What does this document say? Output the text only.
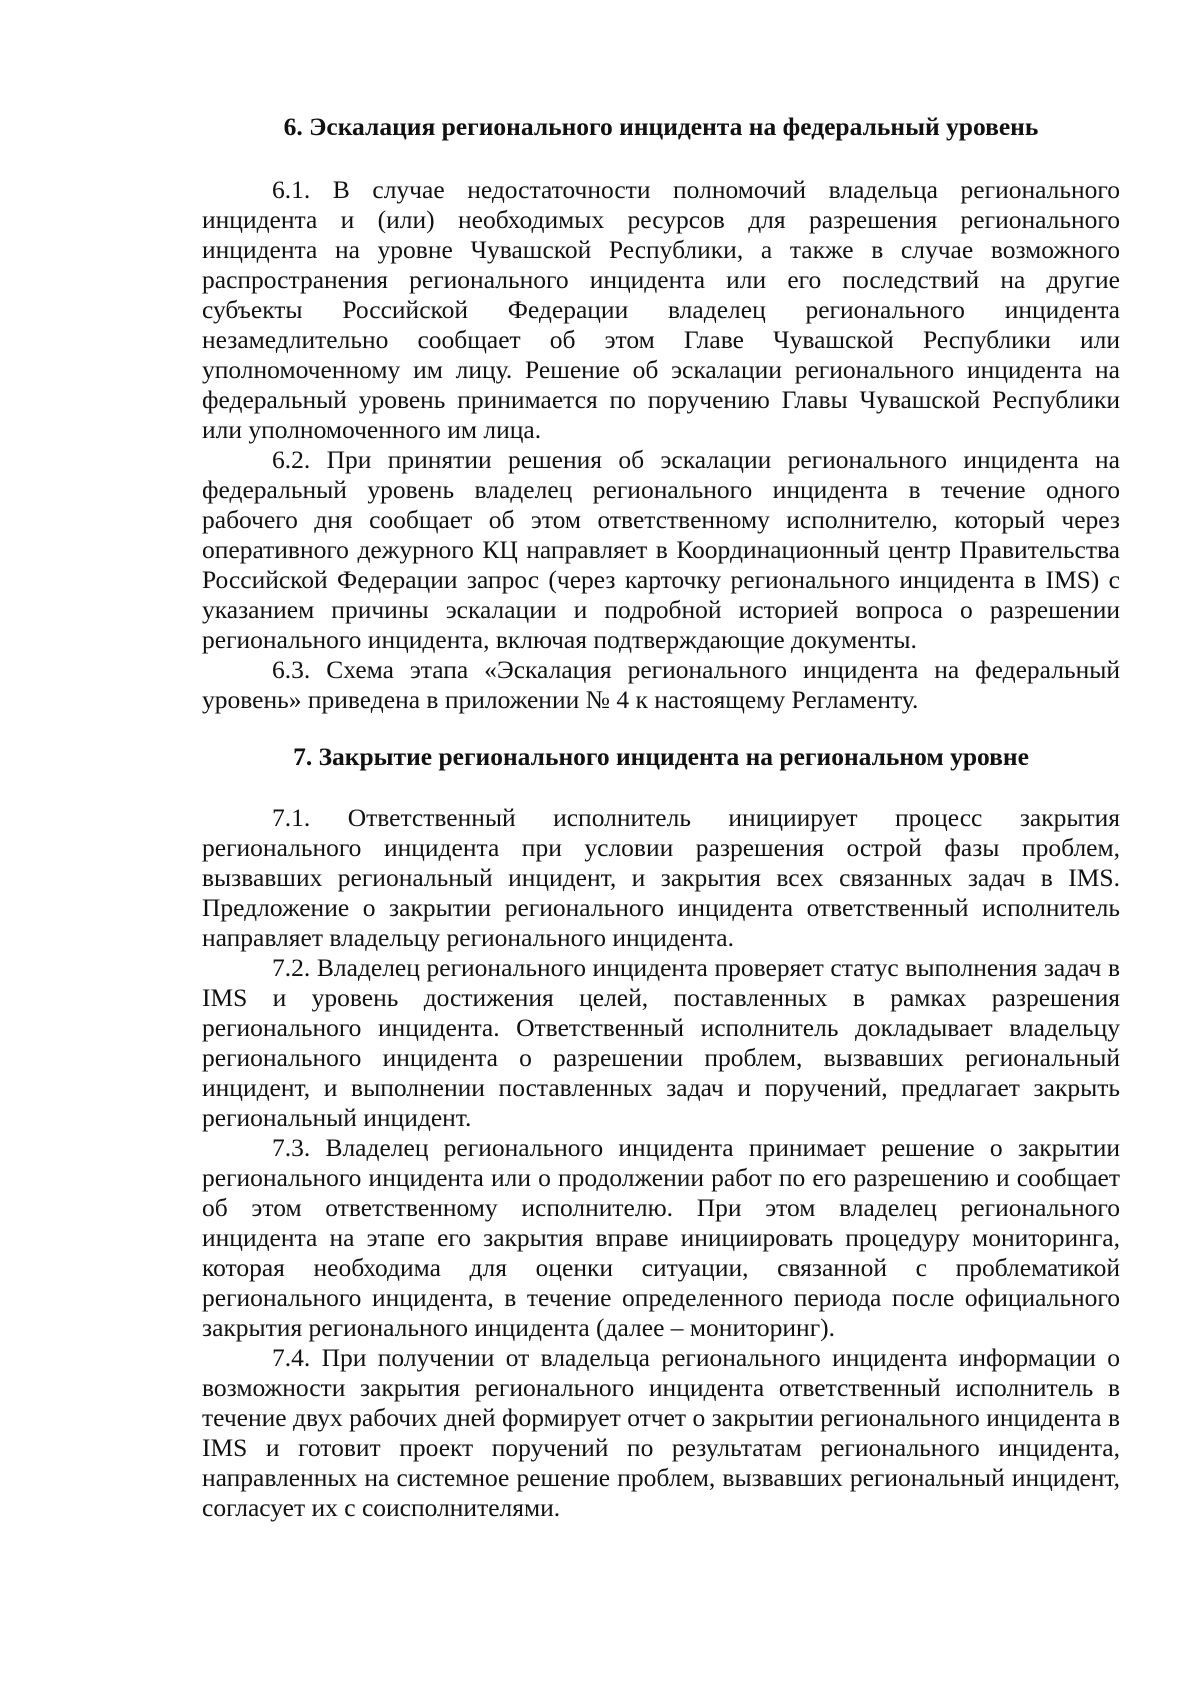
6. Эскалация регионального инцидента на федеральный уровень

6.1. В случае недостаточности полномочий владельца регионального инцидента и (или) необходимых ресурсов для разрешения регионального инцидента на уровне Чувашской Республики, а также в случае возможного распространения регионального инцидента или его последствий на другие субъекты Российской Федерации владелец регионального инцидента незамедлительно сообщает об этом Главе Чувашской Республики или уполномоченному им лицу. Решение об эскалации регионального инцидента на федеральный уровень принимается по поручению Главы Чувашской Республики или уполномоченного им лица.

6.2. При принятии решения об эскалации регионального инцидента на федеральный уровень владелец регионального инцидента в течение одного рабочего дня сообщает об этом ответственному исполнителю, который через оперативного дежурного КЦ направляет в Координационный центр Правительства Российской Федерации запрос (через карточку регионального инцидента в IMS) с указанием причины эскалации и подробной историей вопроса о разрешении регионального инцидента, включая подтверждающие документы.

6.3. Схема этапа «Эскалация регионального инцидента на федеральный уровень» приведена в приложении № 4 к настоящему Регламенту.

7. Закрытие регионального инцидента на региональном уровне

7.1. Ответственный исполнитель инициирует процесс закрытия регионального инцидента при условии разрешения острой фазы проблем, вызвавших региональный инцидент, и закрытия всех связанных задач в IMS. Предложение о закрытии регионального инцидента ответственный исполнитель направляет владельцу регионального инцидента.

7.2. Владелец регионального инцидента проверяет статус выполнения задач в IMS и уровень достижения целей, поставленных в рамках разрешения регионального инцидента. Ответственный исполнитель докладывает владельцу регионального инцидента о разрешении проблем, вызвавших региональный инцидент, и выполнении поставленных задач и поручений, предлагает закрыть региональный инцидент.

7.3. Владелец регионального инцидента принимает решение о закрытии регионального инцидента или о продолжении работ по его разрешению и сообщает об этом ответственному исполнителю. При этом владелец регионального инцидента на этапе его закрытия вправе инициировать процедуру мониторинга, которая необходима для оценки ситуации, связанной с проблематикой регионального инцидента, в течение определенного периода после официального закрытия регионального инцидента (далее – мониторинг).

7.4. При получении от владельца регионального инцидента информации о возможности закрытия регионального инцидента ответственный исполнитель в течение двух рабочих дней формирует отчет о закрытии регионального инцидента в IMS и готовит проект поручений по результатам регионального инцидента, направленных на системное решение проблем, вызвавших региональный инцидент, согласует их с соисполнителями.
